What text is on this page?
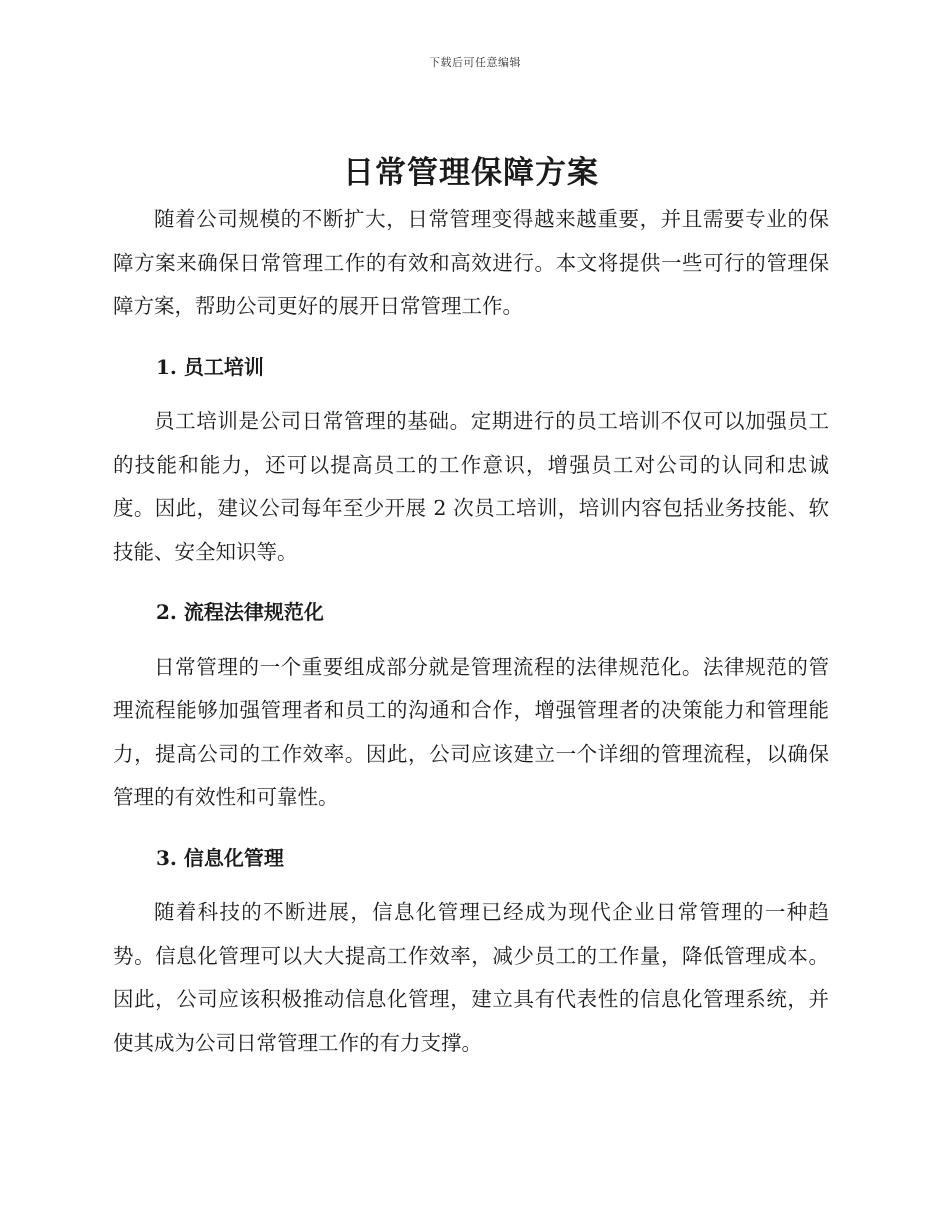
下载后可任意编辑
日常管理保障方案

随着公司规模的不断扩大，日常管理变得越来越重要，并且需要专业的保障方案来确保日常管理工作的有效和高效进行。本文将提供一些可行的管理保障方案，帮助公司更好的展开日常管理工作。

1. 员工培训

员工培训是公司日常管理的基础。定期进行的员工培训不仅可以加强员工的技能和能力，还可以提高员工的工作意识，增强员工对公司的认同和忠诚度。因此，建议公司每年至少开展 2 次员工培训，培训内容包括业务技能、软技能、安全知识等。

2. 流程法律规范化

日常管理的一个重要组成部分就是管理流程的法律规范化。法律规范的管理流程能够加强管理者和员工的沟通和合作，增强管理者的决策能力和管理能力，提高公司的工作效率。因此，公司应该建立一个详细的管理流程，以确保管理的有效性和可靠性。

3. 信息化管理

随着科技的不断进展，信息化管理已经成为现代企业日常管理的一种趋势。信息化管理可以大大提高工作效率，减少员工的工作量，降低管理成本。因此，公司应该积极推动信息化管理，建立具有代表性的信息化管理系统，并使其成为公司日常管理工作的有力支撑。
